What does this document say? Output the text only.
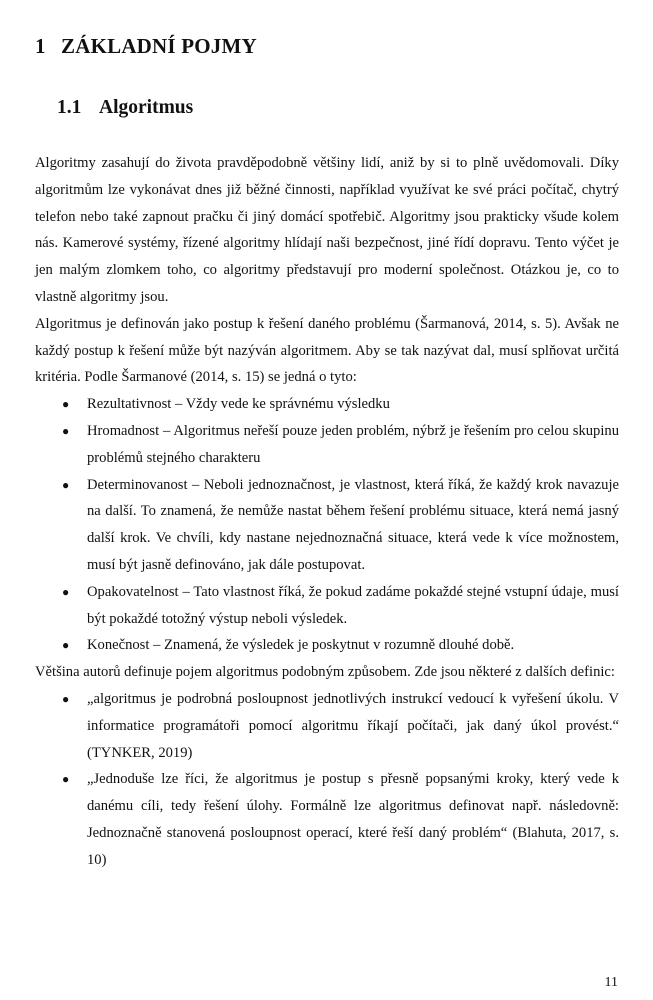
1 ZÁKLADNÍ POJMY
1.1 Algoritmus

Algoritmy zasahují do života pravděpodobně většiny lidí, aniž by si to plně uvědomovali. Díky algoritmům lze vykonávat dnes již běžné činnosti, například využívat ke své práci počítač, chytrý telefon nebo také zapnout pračku či jiný domácí spotřebič. Algoritmy jsou prakticky všude kolem nás. Kamerové systémy, řízené algoritmy hlídají naši bezpečnost, jiné řídí dopravu. Tento výčet je jen malým zlomkem toho, co algoritmy představují pro moderní společnost. Otázkou je, co to vlastně algoritmy jsou.

Algoritmus je definován jako postup k řešení daného problému (Šarmanová, 2014, s. 5). Avšak ne každý postup k řešení může být nazýván algoritmem. Aby se tak nazývat dal, musí splňovat určitá kritéria. Podle Šarmanové (2014, s. 15) se jedná o tyto:

● Rezultativnost – Vždy vede ke správnému výsledku
● Hromadnost – Algoritmus neřeší pouze jeden problém, nýbrž je řešením pro celou skupinu problémů stejného charakteru
● Determinovanost – Neboli jednoznačnost, je vlastnost, která říká, že každý krok navazuje na další. To znamená, že nemůže nastat během řešení problému situace, která nemá jasný další krok. Ve chvíli, kdy nastane nejednoznačná situace, která vede k více možnostem, musí být jasně definováno, jak dále postupovat.
● Opakovatelnost – Tato vlastnost říká, že pokud zadáme pokaždé stejné vstupní údaje, musí být pokaždé totožný výstup neboli výsledek.
● Konečnost – Znamená, že výsledek je poskytnut v rozumně dlouhé době.

Většina autorů definuje pojem algoritmus podobným způsobem. Zde jsou některé z dalších definic:

● „algoritmus je podrobná posloupnost jednotlivých instrukcí vedoucí k vyřešení úkolu. V informatice programátoři pomocí algoritmu říkají počítači, jak daný úkol provést.“ (TYNKER, 2019)
● „Jednoduše lze říci, že algoritmus je postup s přesně popsanými kroky, který vede k danému cíli, tedy řešení úlohy. Formálně lze algoritmus definovat např. následovně: Jednoznačně stanovená posloupnost operací, které řeší daný problém“ (Blahuta, 2017, s. 10)
11
